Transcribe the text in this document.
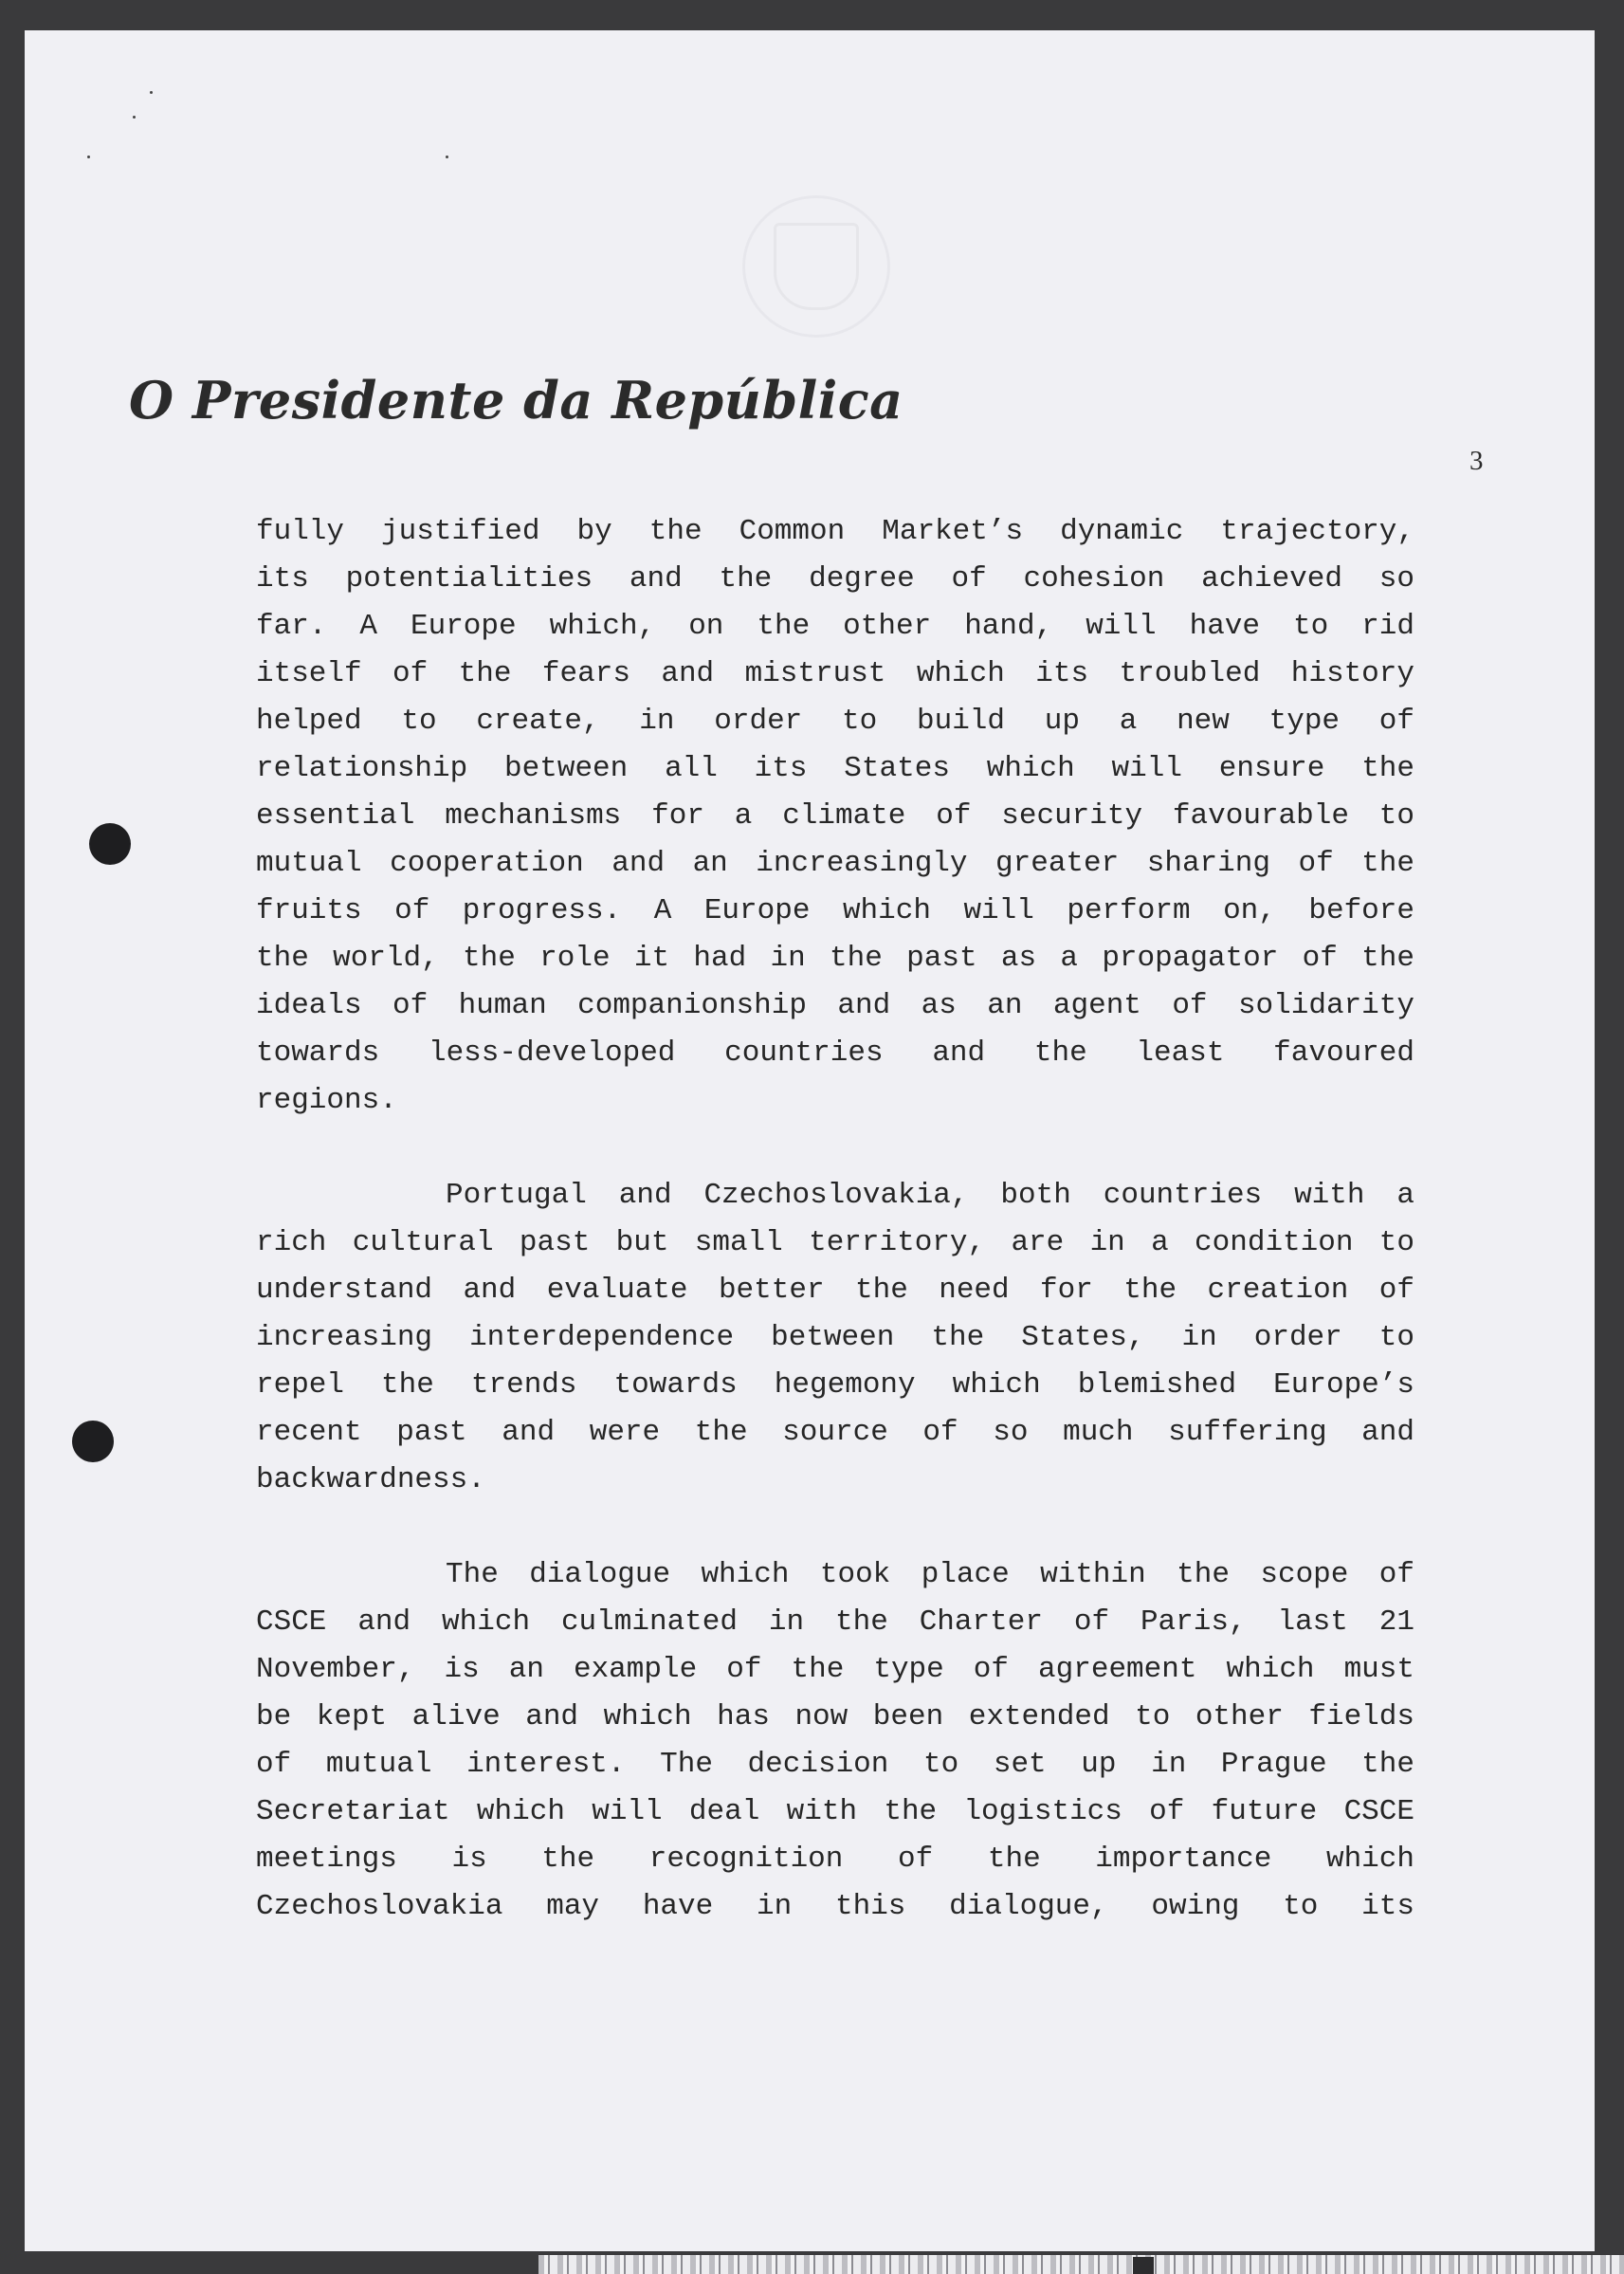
O Presidente da República
3
fully justified by the Common Market’s dynamic trajectory,
its potentialities and the degree of cohesion achieved so
far. A Europe which, on the other hand, will have to rid
itself of the fears and mistrust which its troubled history
helped to create, in order to build up a new type of
relationship between all its States which will ensure the
essential mechanisms for a climate of security favourable to
mutual cooperation and an increasingly greater sharing of the
fruits of progress. A Europe which will perform on, before
the world, the role it had in the past as a propagator of the
ideals of human companionship and as an agent of solidarity
towards less-developed countries and the least favoured
regions.
Portugal and Czechoslovakia, both countries with a
rich cultural past but small territory, are in a condition to
understand and evaluate better the need for the creation of
increasing interdependence between the States, in order to
repel the trends towards hegemony which blemished Europe’s
recent past and were the source of so much suffering and
backwardness.
The dialogue which took place within the scope of
CSCE and which culminated in the Charter of Paris, last 21
November, is an example of the type of agreement which must
be kept alive and which has now been extended to other fields
of mutual interest. The decision to set up in Prague the
Secretariat which will deal with the logistics of future CSCE
meetings is the recognition of the importance which
Czechoslovakia may have in this dialogue, owing to its
